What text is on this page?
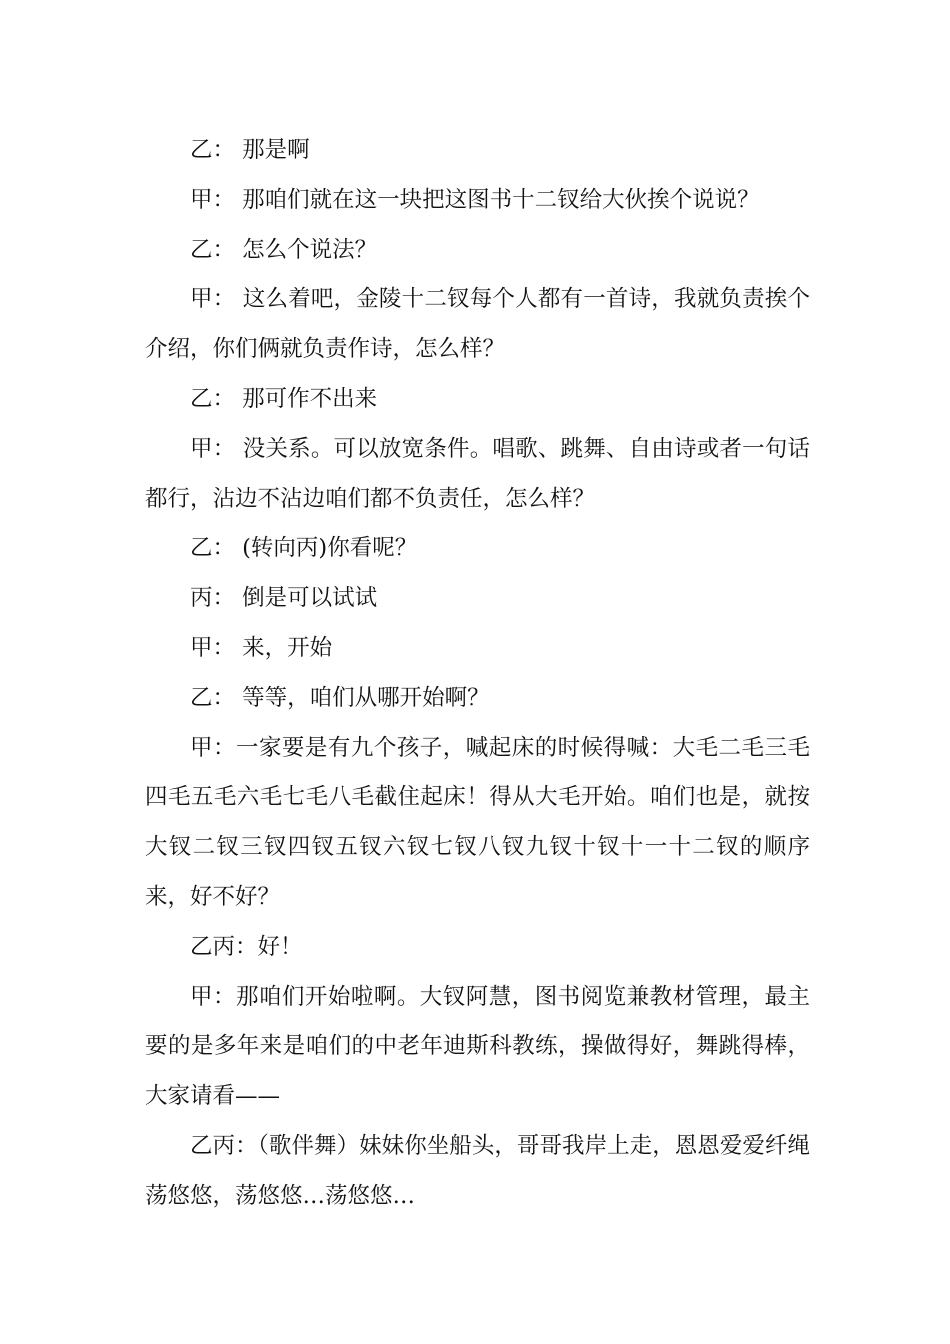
乙： 那是啊

甲： 那咱们就在这一块把这图书十二钗给大伙挨个说说？

乙： 怎么个说法？

甲： 这么着吧，金陵十二钗每个人都有一首诗，我就负责挨个介绍，你们俩就负责作诗，怎么样？

乙： 那可作不出来

甲： 没关系。可以放宽条件。唱歌、跳舞、自由诗或者一句话都行，沾边不沾边咱们都不负责任，怎么样？

乙： (转向丙)你看呢？

丙： 倒是可以试试

甲： 来，开始

乙： 等等，咱们从哪开始啊？

甲：一家要是有九个孩子，喊起床的时候得喊：大毛二毛三毛四毛五毛六毛七毛八毛截住起床！得从大毛开始。咱们也是，就按大钗二钗三钗四钗五钗六钗七钗八钗九钗十钗十一十二钗的顺序来，好不好？

乙丙：好！

甲：那咱们开始啦啊。大钗阿慧，图书阅览兼教材管理，最主要的是多年来是咱们的中老年迪斯科教练，操做得好，舞跳得棒，大家请看——

乙丙：（歌伴舞）妹妹你坐船头，哥哥我岸上走，恩恩爱爱纤绳荡悠悠，荡悠悠…荡悠悠…
